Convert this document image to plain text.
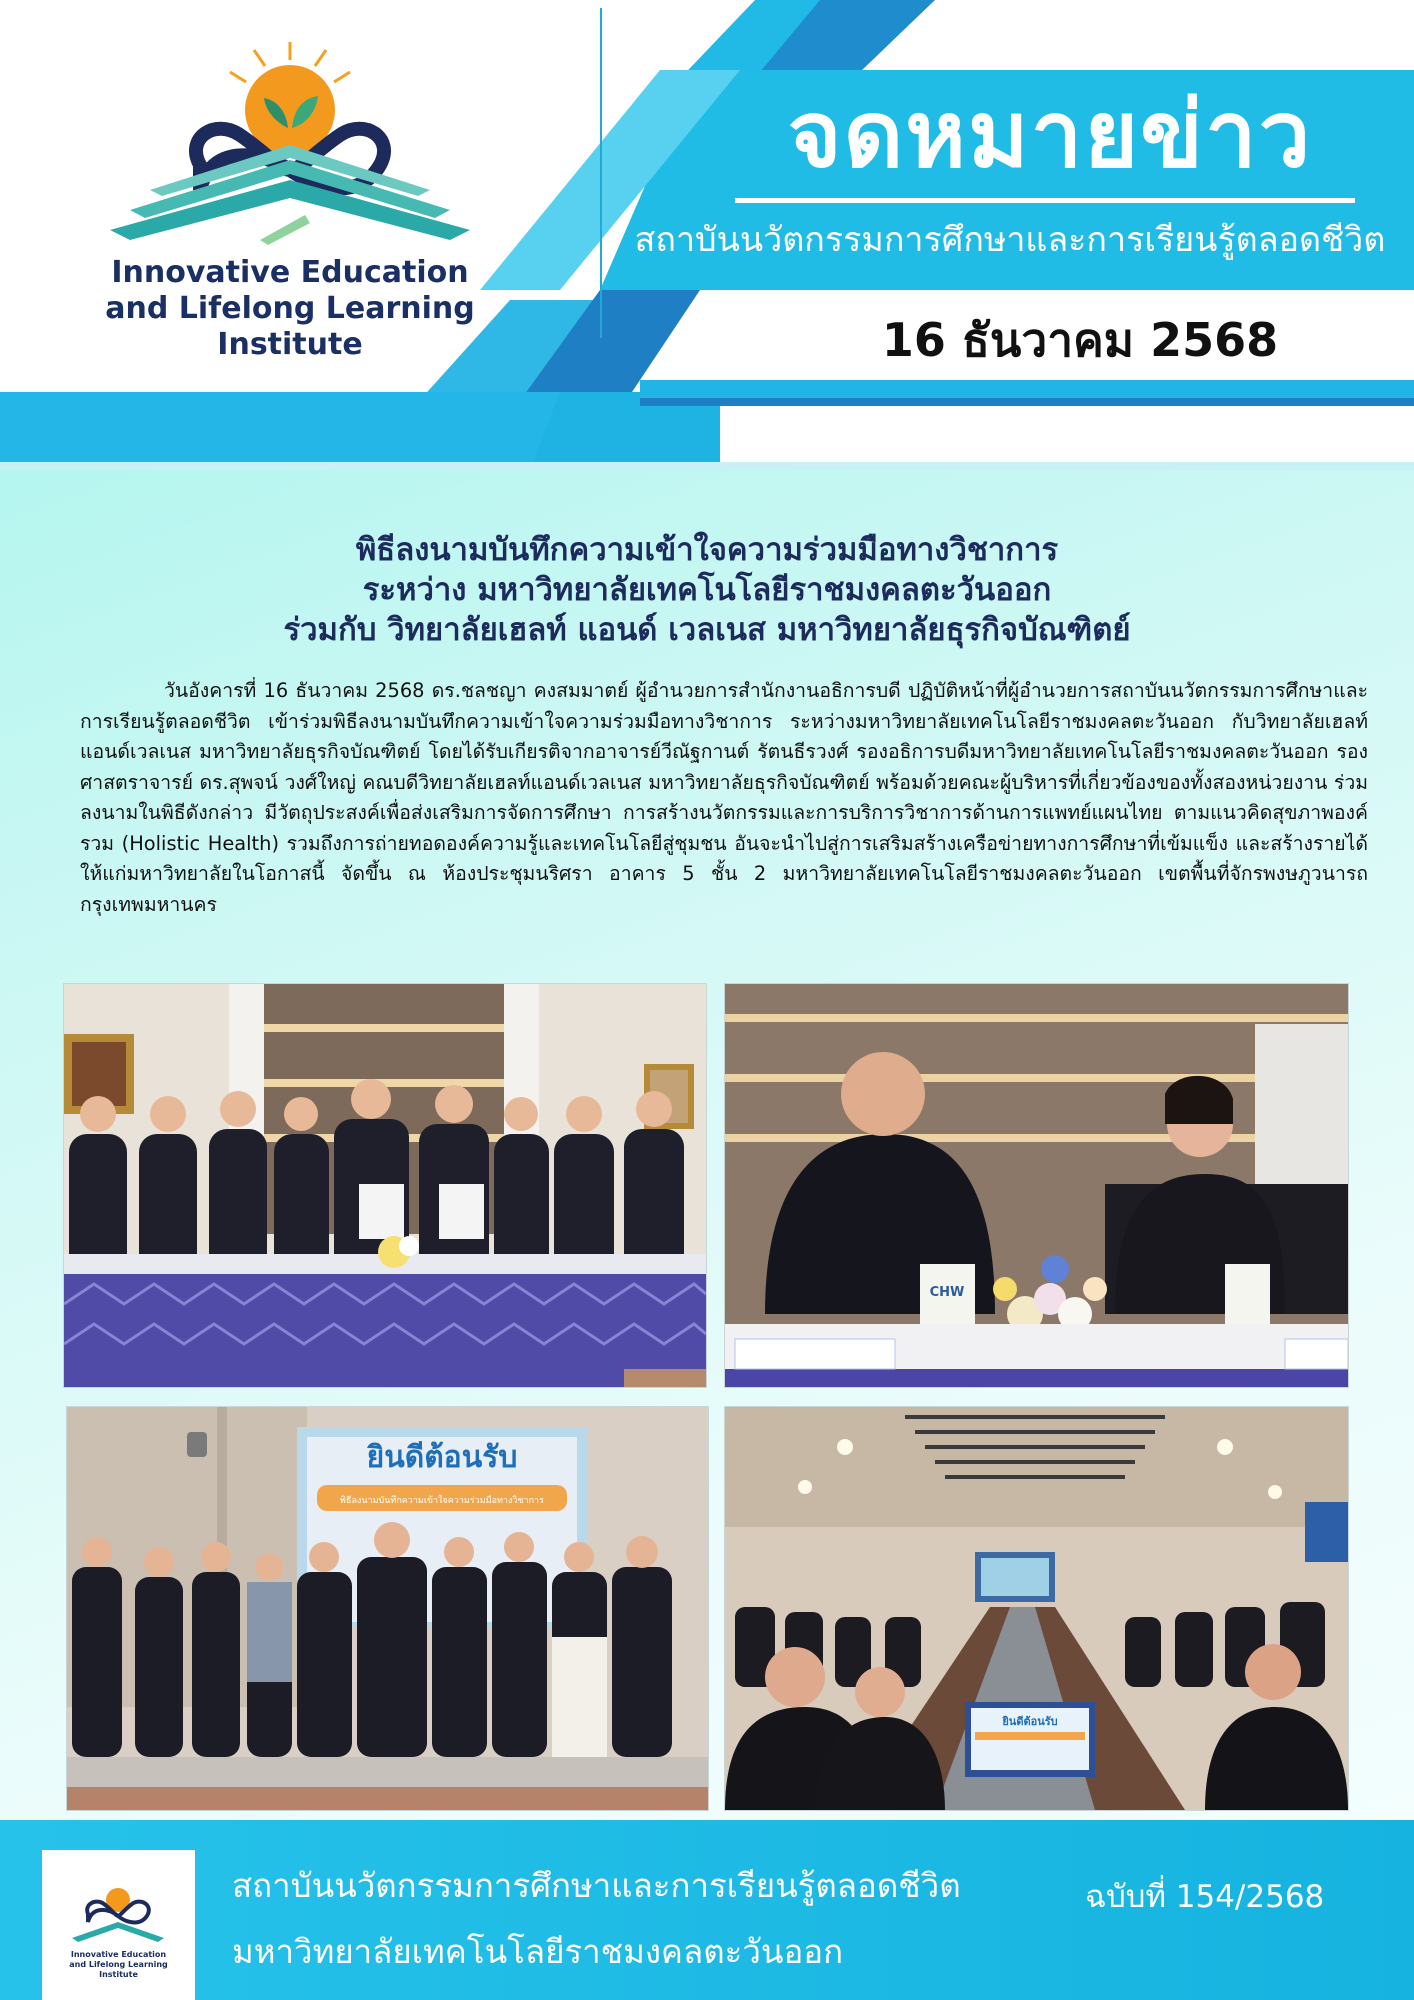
Innovative Education
and Lifelong Learning
Institute
จดหมายข่าว
สถาบันนวัตกรรมการศึกษาและการเรียนรู้ตลอดชีวิต
16 ธันวาคม 2568
พิธีลงนามบันทึกความเข้าใจความร่วมมือทางวิชาการ
ระหว่าง มหาวิทยาลัยเทคโนโลยีราชมงคลตะวันออก
ร่วมกับ วิทยาลัยเฮลท์ แอนด์ เวลเนส มหาวิทยาลัยธุรกิจบัณฑิตย์

วันอังคารที่ 16 ธันวาคม 2568 ดร.ชลชญา คงสมมาตย์ ผู้อำนวยการสำนักงานอธิการบดี ปฏิบัติหน้าที่ผู้อำนวยการสถาบันนวัตกรรมการศึกษาและการเรียนรู้ตลอดชีวิต เข้าร่วมพิธีลงนามบันทึกความเข้าใจความร่วมมือทางวิชาการ ระหว่างมหาวิทยาลัยเทคโนโลยีราชมงคลตะวันออก กับวิทยาลัยเฮลท์แอนด์เวลเนส มหาวิทยาลัยธุรกิจบัณฑิตย์ โดยได้รับเกียรติจากอาจารย์วีณัฐกานต์ รัตนธีรวงศ์ รองอธิการบดีมหาวิทยาลัยเทคโนโลยีราชมงคลตะวันออก รองศาสตราจารย์ ดร.สุพจน์ วงศ์ใหญ่ คณบดีวิทยาลัยเฮลท์แอนด์เวลเนส มหาวิทยาลัยธุรกิจบัณฑิตย์ พร้อมด้วยคณะผู้บริหารที่เกี่ยวข้องของทั้งสองหน่วยงาน ร่วมลงนามในพิธีดังกล่าว มีวัตถุประสงค์เพื่อส่งเสริมการจัดการศึกษา การสร้างนวัตกรรมและการบริการวิชาการด้านการแพทย์แผนไทย ตามแนวคิดสุขภาพองค์รวม (Holistic Health) รวมถึงการถ่ายทอดองค์ความรู้และเทคโนโลยีสู่ชุมชน อันจะนำไปสู่การเสริมสร้างเครือข่ายทางการศึกษาที่เข้มแข็ง และสร้างรายได้ให้แก่มหาวิทยาลัยในโอกาสนี้ จัดขึ้น ณ ห้องประชุมนริศรา อาคาร 5 ชั้น 2 มหาวิทยาลัยเทคโนโลยีราชมงคลตะวันออก เขตพื้นที่จักรพงษภูวนารถ กรุงเทพมหานคร

CHW
ยินดีต้อนรับ
พิธีลงนามบันทึกความเข้าใจความร่วมมือทางวิชาการ
ยินดีต้อนรับ
Innovative Education
and Lifelong Learning
Institute
สถาบันนวัตกรรมการศึกษาและการเรียนรู้ตลอดชีวิต
มหาวิทยาลัยเทคโนโลยีราชมงคลตะวันออก
ฉบับที่ 154/2568
